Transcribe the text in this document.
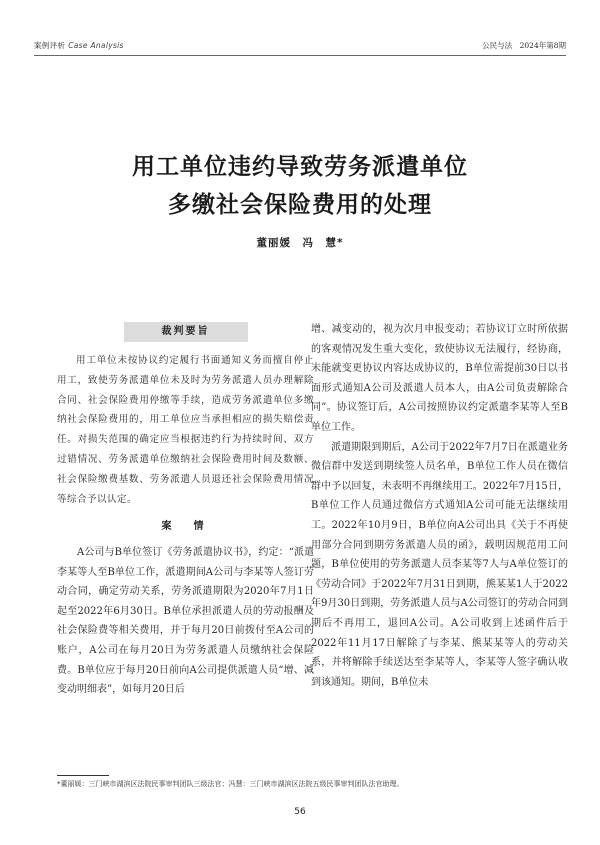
案例评析 Case Analysis	公民与法　2024年第8期
用工单位违约导致劳务派遣单位
多缴社会保险费用的处理
董丽媛　冯　慧*
裁判要旨

用工单位未按协议约定履行书面通知义务而擅自停止用工，致使劳务派遣单位未及时为劳务派遣人员办理解除合同、社会保险费用停缴等手续，造成劳务派遣单位多缴纳社会保险费用的，用工单位应当承担相应的损失赔偿责任。对损失范围的确定应当根据违约行为持续时间、双方过错情况、劳务派遣单位缴纳社会保险费用时间及数额、社会保险缴费基数、劳务派遣人员退还社会保险费用情况等综合予以认定。

案　情

A公司与B单位签订《劳务派遣协议书》，约定：“派遣李某等人至B单位工作，派遣期间A公司与李某等人签订劳动合同，确定劳动关系，劳务派遣期限为2020年7月1日起至2022年6月30日。B单位承担派遣人员的劳动报酬及社会保险费等相关费用，并于每月20日前拨付至A公司的账户，A公司在每月20日为劳务派遣人员缴纳社会保险费。B单位应于每月20日前向A公司提供派遣人员“增、减变动明细表”，如每月20日后

增、减变动的，视为次月申报变动；若协议订立时所依据的客观情况发生重大变化，致使协议无法履行，经协商，未能就变更协议内容达成协议的，B单位需提前30日以书面形式通知A公司及派遣人员本人，由A公司负责解除合同”。协议签订后，A公司按照协议约定派遣李某等人至B单位工作。

派遣期限到期后，A公司于2022年7月7日在派遣业务微信群中发送到期续签人员名单，B单位工作人员在微信群中予以回复，未表明不再继续用工。2022年7月15日，B单位工作人员通过微信方式通知A公司可能无法继续用工。2022年10月9日，B单位向A公司出具《关于不再使用部分合同到期劳务派遣人员的函》，载明因规范用工问题，B单位使用的劳务派遣人员李某等7人与A单位签订的《劳动合同》于2022年7月31日到期，熊某某1人于2022年9月30日到期，劳务派遣人员与A公司签订的劳动合同到期后不再用工，退回A公司。A公司收到上述函件后于2022年11月17日解除了与李某、熊某某等人的劳动关系，并将解除手续送达至李某等人，李某等人签字确认收到该通知。期间，B单位未

*董丽媛：三门峡市湖滨区法院民事审判团队三级法官；冯慧：三门峡市湖滨区法院五级民事审判团队法官助理。
56
